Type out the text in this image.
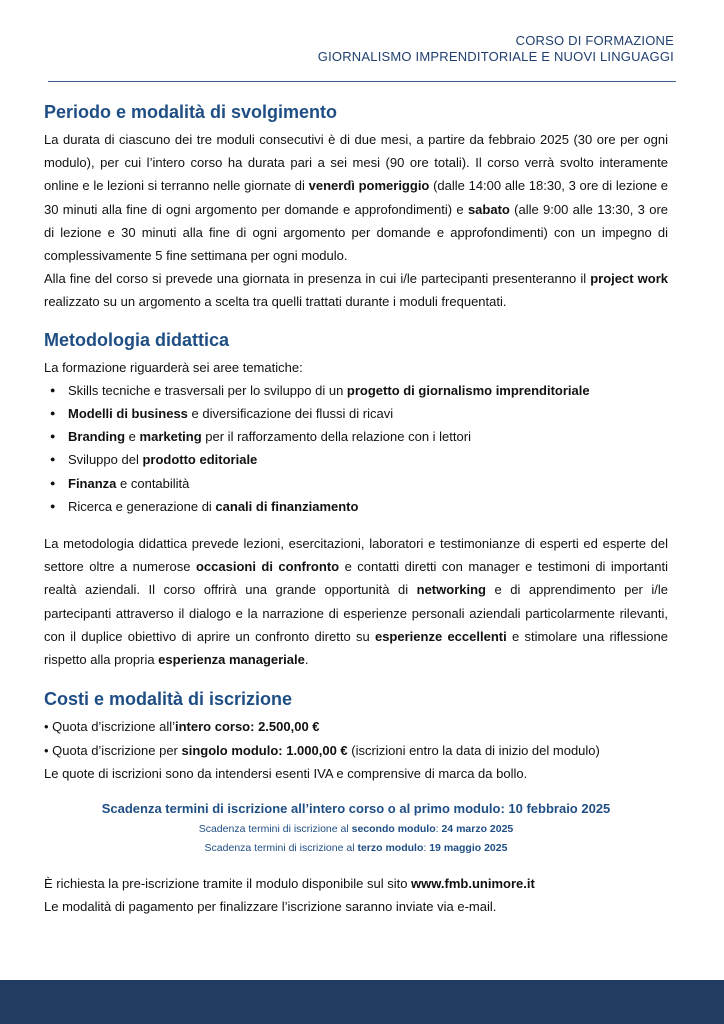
CORSO DI FORMAZIONE
GIORNALISMO IMPRENDITORIALE E NUOVI LINGUAGGI
Periodo e modalità di svolgimento

La durata di ciascuno dei tre moduli consecutivi è di due mesi, a partire da febbraio 2025 (30 ore per ogni modulo), per cui l’intero corso ha durata pari a sei mesi (90 ore totali). Il corso verrà svolto interamente online e le lezioni si terranno nelle giornate di venerdì pomeriggio (dalle 14:00 alle 18:30, 3 ore di lezione e 30 minuti alla fine di ogni argomento per domande e approfondimenti) e sabato (alle 9:00 alle 13:30, 3 ore di lezione e 30 minuti alla fine di ogni argomento per domande e approfondimenti) con un impegno di complessivamente 5 fine settimana per ogni modulo.

Alla fine del corso si prevede una giornata in presenza in cui i/le partecipanti presenteranno il project work realizzato su un argomento a scelta tra quelli trattati durante i moduli frequentati.

Metodologia didattica

La formazione riguarderà sei aree tematiche:

● Skills tecniche e trasversali per lo sviluppo di un progetto di giornalismo imprenditoriale
● Modelli di business e diversificazione dei flussi di ricavi
● Branding e marketing per il rafforzamento della relazione con i lettori
● Sviluppo del prodotto editoriale
● Finanza e contabilità
● Ricerca e generazione di canali di finanziamento

La metodologia didattica prevede lezioni, esercitazioni, laboratori e testimonianze di esperti ed esperte del settore oltre a numerose occasioni di confronto e contatti diretti con manager e testimoni di importanti realtà aziendali. Il corso offrirà una grande opportunità di networking e di apprendimento per i/le partecipanti attraverso il dialogo e la narrazione di esperienze personali aziendali particolarmente rilevanti, con il duplice obiettivo di aprire un confronto diretto su esperienze eccellenti e stimolare una riflessione rispetto alla propria esperienza manageriale.

Costi e modalità di iscrizione

• Quota d’iscrizione all’intero corso: 2.500,00 €

• Quota d’iscrizione per singolo modulo: 1.000,00 € (iscrizioni entro la data di inizio del modulo)

Le quote di iscrizioni sono da intendersi esenti IVA e comprensive di marca da bollo.

Scadenza termini di iscrizione all’intero corso o al primo modulo: 10 febbraio 2025
Scadenza termini di iscrizione al secondo modulo: 24 marzo 2025
Scadenza termini di iscrizione al terzo modulo: 19 maggio 2025

È richiesta la pre-iscrizione tramite il modulo disponibile sul sito www.fmb.unimore.it

Le modalità di pagamento per finalizzare l’iscrizione saranno inviate via e-mail.
